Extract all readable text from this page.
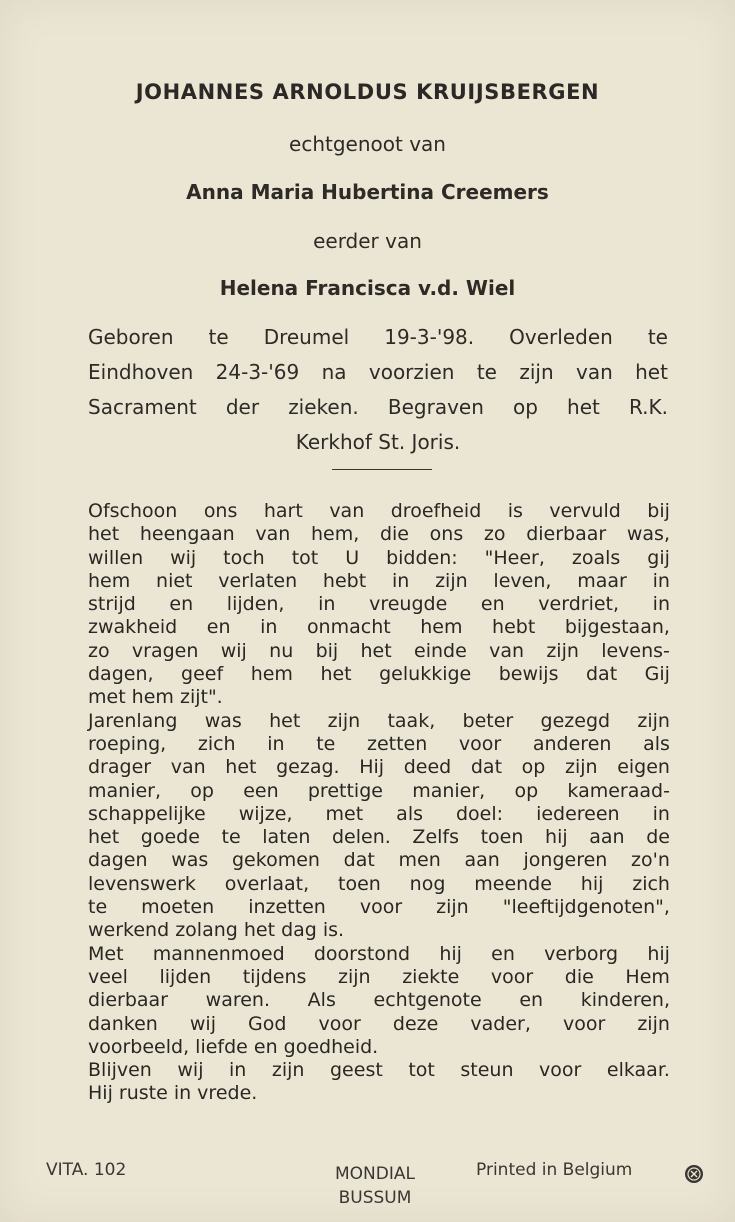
JOHANNES ARNOLDUS KRUIJSBERGEN
echtgenoot van
Anna Maria Hubertina Creemers
eerder van
Helena Francisca v.d. Wiel
Geboren te Dreumel 19-3-'98. Overleden te
Eindhoven 24-3-'69 na voorzien te zijn van het
Sacrament der zieken. Begraven op het R.K.
Kerkhof St. Joris.
Ofschoon ons hart van droefheid is vervuld bij
het heengaan van hem, die ons zo dierbaar was,
willen wij toch tot U bidden: "Heer, zoals gij
hem niet verlaten hebt in zijn leven, maar in
strijd en lijden, in vreugde en verdriet, in
zwakheid en in onmacht hem hebt bijgestaan,
zo vragen wij nu bij het einde van zijn levens-
dagen, geef hem het gelukkige bewijs dat Gij
met hem zijt".
Jarenlang was het zijn taak, beter gezegd zijn
roeping, zich in te zetten voor anderen als
drager van het gezag. Hij deed dat op zijn eigen
manier, op een prettige manier, op kameraad-
schappelijke wijze, met als doel: iedereen in
het goede te laten delen. Zelfs toen hij aan de
dagen was gekomen dat men aan jongeren zo'n
levenswerk overlaat, toen nog meende hij zich
te moeten inzetten voor zijn "leeftijdgenoten",
werkend zolang het dag is.
Met mannenmoed doorstond hij en verborg hij
veel lijden tijdens zijn ziekte voor die Hem
dierbaar waren. Als echtgenote en kinderen,
danken wij God voor deze vader, voor zijn
voorbeeld, liefde en goedheid.
Blijven wij in zijn geest tot steun voor elkaar.
Hij ruste in vrede.
VITA. 102	MONDIAL
BUSSUM
Printed in Belgium
